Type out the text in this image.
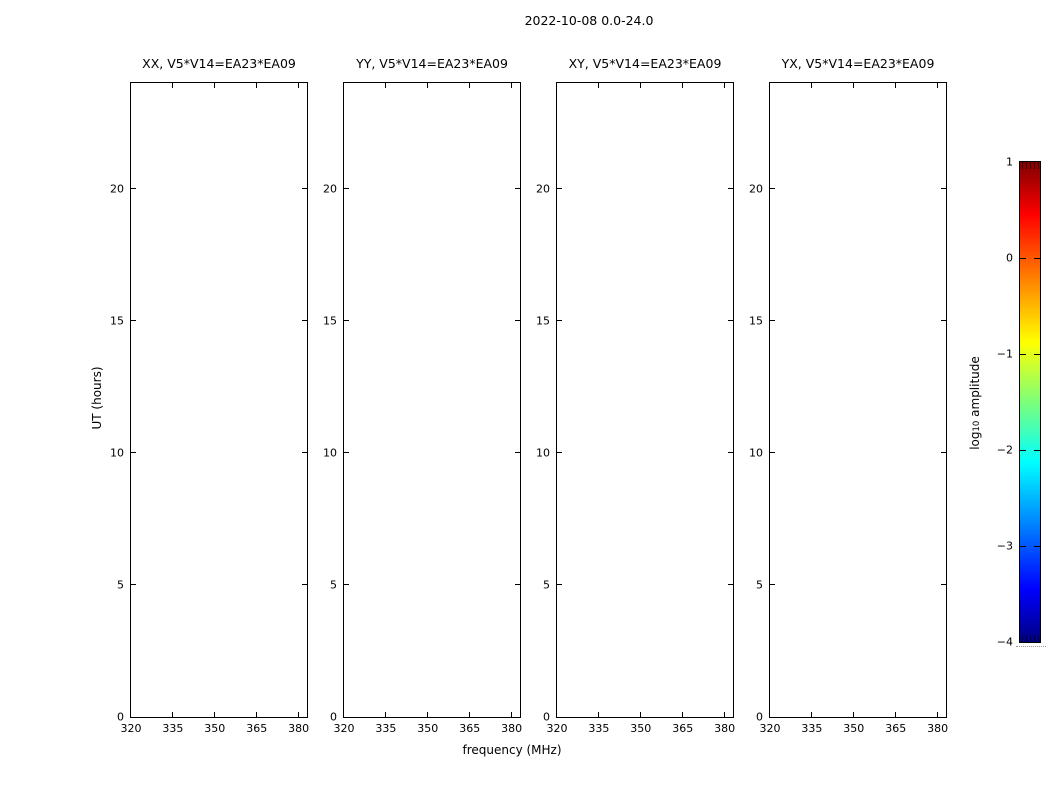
2022-10-08 0.0-24.0
XX, V5*V14=EA23*EA09	YY, V5*V14=EA23*EA09	XY, V5*V14=EA23*EA09	YX, V5*V14=EA23*EA09
320 335 350 365 380
0
5
10
15
20
320 335 350 365 380
0
5
10
15
20
320 335 350 365 380
0
5
10
15
20
320 335 350 365 380
0
5
10
15
20
UT (hours)
frequency (MHz)
1
0
−1
−2
−3
−4
log10 amplitude
